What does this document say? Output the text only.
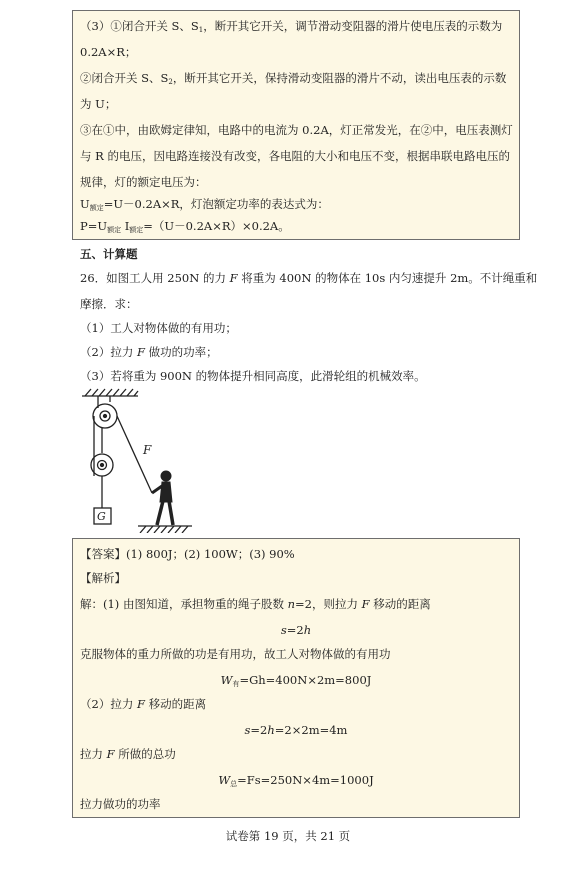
（3）①闭合开关 S、$S_1$，断开其它开关，调节滑动变阻器的滑片使电压表的示数为
0.2A×R；
②闭合开关 S、$S_2$，断开其它开关，保持滑动变阻器的滑片不动，读出电压表的示数
为 U；
③在①中，由欧姆定律知，电路中的电流为 0.2A，灯正常发光，在②中，电压表测灯
与 R 的电压，因电路连接没有改变，各电阻的大小和电压不变，根据串联电路电压的
规律，灯的额定电压为：
$U_{额定}=U-0.2A\times R$，灯泡额定功率的表达式为：
$P=U_{额定}$ $I_{额定}=(U-0.2A\times R)\times 0.2A$。
五、计算题
26．如图工人用 250N 的力 F 将重为 400N 的物体在 10s 内匀速提升 2m。不计绳重和
摩擦．求：
（1）工人对物体做的有用功；
（2）拉力 F 做功的功率；
（3）若将重为 900N 的物体提升相同高度，此滑轮组的机械效率。
F
G
【答案】(1) 800J；(2) 100W；(3) 90%
【解析】
解：(1) 由图知道，承担物重的绳子股数 n=2，则拉力 F 移动的距离
s=2h
克服物体的重力所做的功是有用功，故工人对物体做的有用功
$W_有=Gh=400N\times 2m=800J$
（2）拉力 F 移动的距离
s=2h=2×2m=4m
拉力 F 所做的总功
$W_总=Fs=250N\times 4m=1000J$
拉力做功的功率
试卷第 19 页，共 21 页
